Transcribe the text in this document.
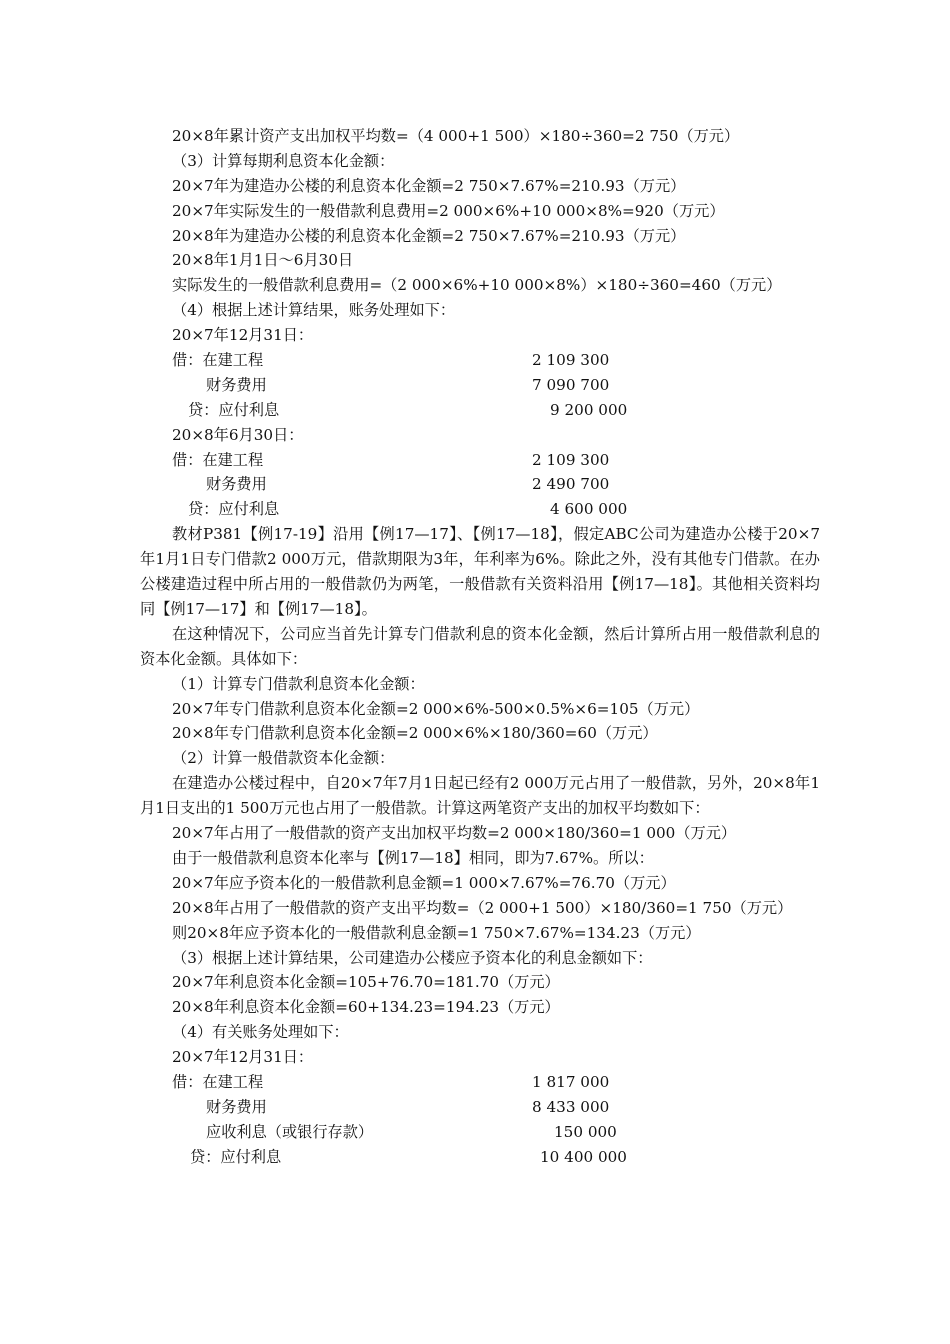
20×8年累计资产支出加权平均数=（4 000+1 500）×180÷360=2 750（万元）
（3）计算每期利息资本化金额：
20×7年为建造办公楼的利息资本化金额=2 750×7.67%=210.93（万元）
20×7年实际发生的一般借款利息费用=2 000×6%+10 000×8%=920（万元）
20×8年为建造办公楼的利息资本化金额=2 750×7.67%=210.93（万元）
20×8年1月1日～6月30日
实际发生的一般借款利息费用=（2 000×6%+10 000×8%）×180÷360=460（万元）
（4）根据上述计算结果，账务处理如下：
20×7年12月31日：
借：在建工程	2 109 300
财务费用	7 090 700
贷：应付利息	9 200 000
20×8年6月30日：
借：在建工程	2 109 300
财务费用	2 490 700
贷：应付利息	4 600 000
教材P381【例17-19】沿用【例17—17】、【例17—18】，假定ABC公司为建造办公楼于20×7年1月1日专门借款2 000万元，借款期限为3年，年利率为6%。除此之外，没有其他专门借款。在办公楼建造过程中所占用的一般借款仍为两笔，一般借款有关资料沿用【例17—18】。其他相关资料均同【例17—17】和【例17—18】。
在这种情况下，公司应当首先计算专门借款利息的资本化金额，然后计算所占用一般借款利息的资本化金额。具体如下：
（1）计算专门借款利息资本化金额：
20×7年专门借款利息资本化金额=2 000×6%-500×0.5%×6=105（万元）
20×8年专门借款利息资本化金额=2 000×6%×180/360=60（万元）
（2）计算一般借款资本化金额：
在建造办公楼过程中，自20×7年7月1日起已经有2 000万元占用了一般借款，另外，20×8年1月1日支出的1 500万元也占用了一般借款。计算这两笔资产支出的加权平均数如下：
20×7年占用了一般借款的资产支出加权平均数=2 000×180/360=1 000（万元）
由于一般借款利息资本化率与【例17—18】相同，即为7.67%。所以：
20×7年应予资本化的一般借款利息金额=1 000×7.67%=76.70（万元）
20×8年占用了一般借款的资产支出平均数=（2 000+1 500）×180/360=1 750（万元）
则20×8年应予资本化的一般借款利息金额=1 750×7.67%=134.23（万元）
（3）根据上述计算结果，公司建造办公楼应予资本化的利息金额如下：
20×7年利息资本化金额=105+76.70=181.70（万元）
20×8年利息资本化金额=60+134.23=194.23（万元）
（4）有关账务处理如下：
20×7年12月31日：
借：在建工程	1 817 000
财务费用	8 433 000
应收利息（或银行存款）	150 000
贷：应付利息	10 400 000
